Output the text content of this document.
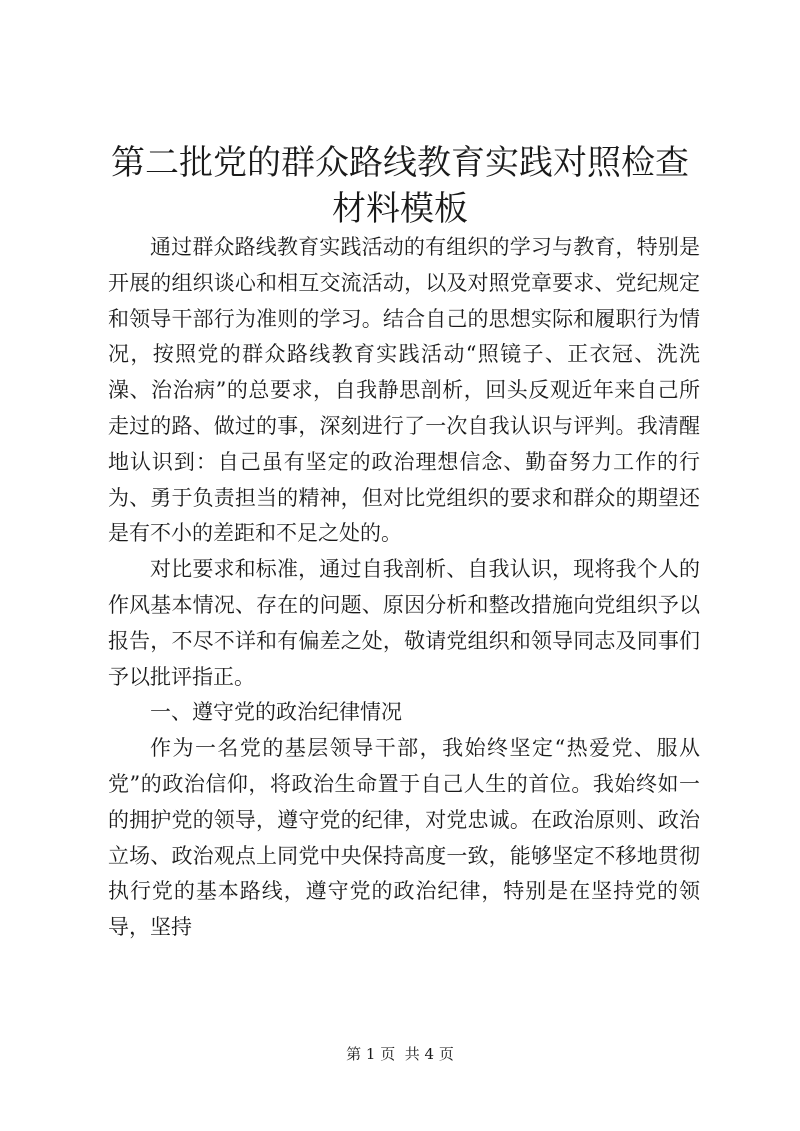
第二批党的群众路线教育实践对照检查材料模板

通过群众路线教育实践活动的有组织的学习与教育，特别是开展的组织谈心和相互交流活动，以及对照党章要求、党纪规定和领导干部行为准则的学习。结合自己的思想实际和履职行为情况，按照党的群众路线教育实践活动“照镜子、正衣冠、洗洗澡、治治病”的总要求，自我静思剖析，回头反观近年来自己所走过的路、做过的事，深刻进行了一次自我认识与评判。我清醒地认识到：自己虽有坚定的政治理想信念、勤奋努力工作的行为、勇于负责担当的精神，但对比党组织的要求和群众的期望还是有不小的差距和不足之处的。

对比要求和标准，通过自我剖析、自我认识，现将我个人的作风基本情况、存在的问题、原因分析和整改措施向党组织予以报告，不尽不详和有偏差之处，敬请党组织和领导同志及同事们予以批评指正。

一、遵守党的政治纪律情况

作为一名党的基层领导干部，我始终坚定“热爱党、服从党”的政治信仰，将政治生命置于自己人生的首位。我始终如一的拥护党的领导，遵守党的纪律，对党忠诚。在政治原则、政治立场、政治观点上同党中央保持高度一致，能够坚定不移地贯彻执行党的基本路线，遵守党的政治纪律，特别是在坚持党的领导，坚持

第 1 页  共 4 页
